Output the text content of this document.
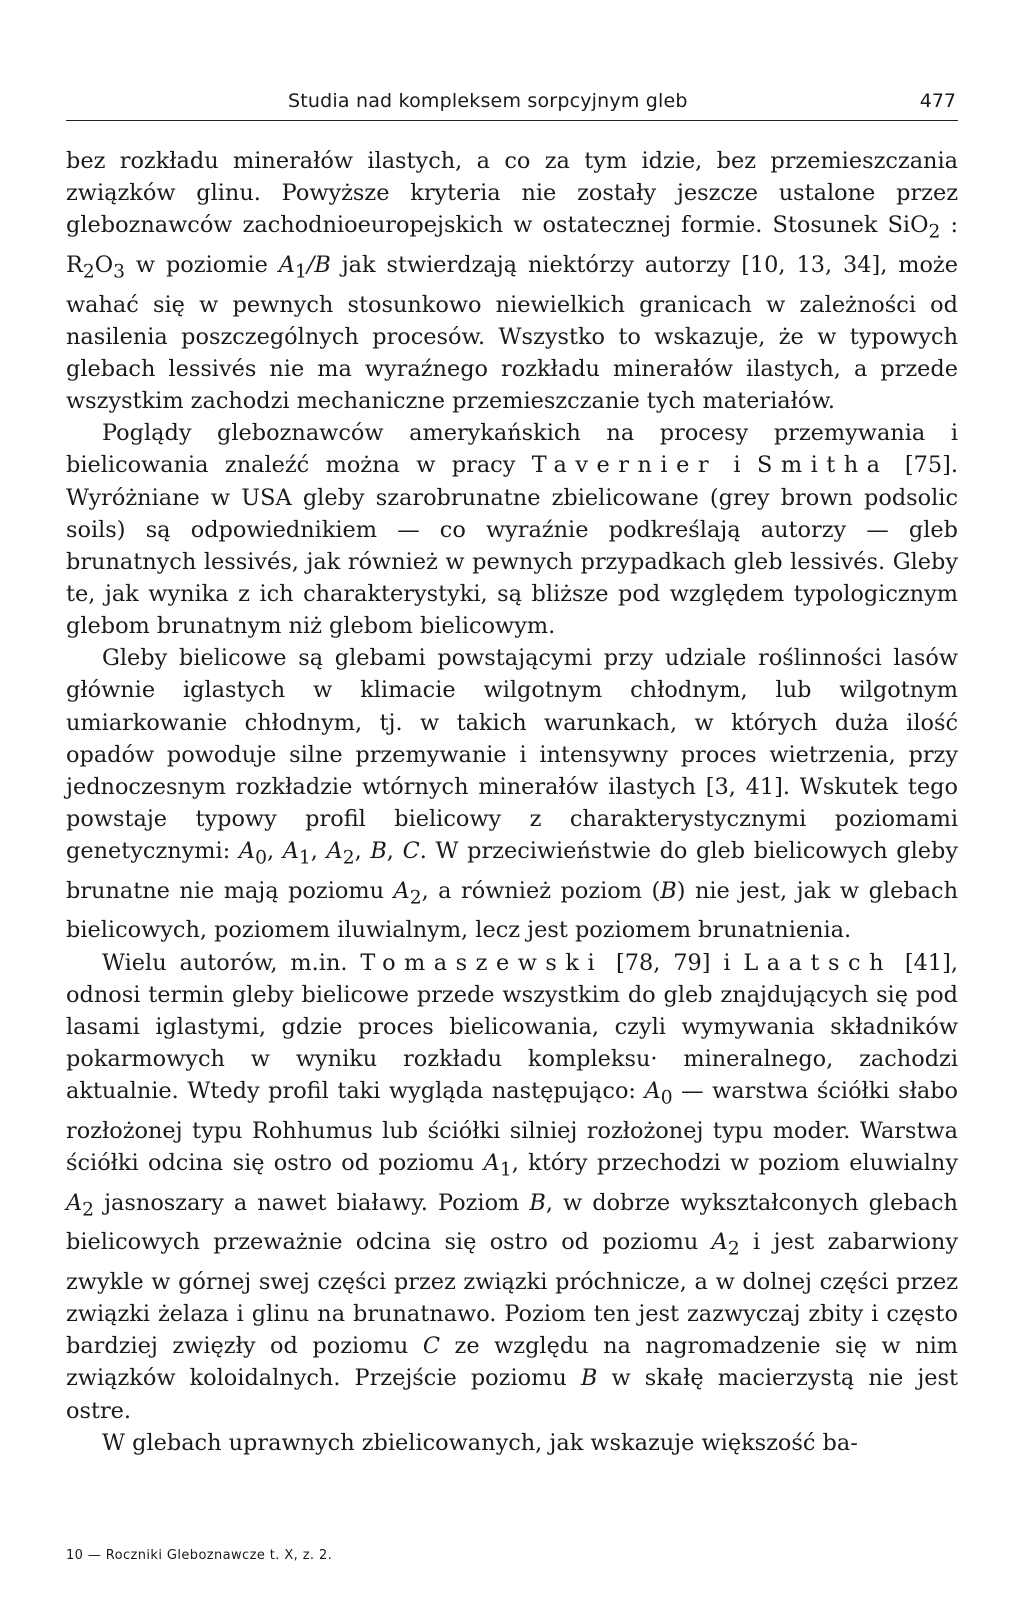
Studia nad kompleksem sorpcyjnym gleb	477

bez rozkładu minerałów ilastych, a co za tym idzie, bez przemieszczania związków glinu. Powyższe kryteria nie zostały jeszcze ustalone przez gleboznawców zachodnioeuropejskich w ostatecznej formie. Stosunek SiO$_2$ : $R_2O_3$ w poziomie $A_1/B$ jak stwierdzają niektórzy autorzy [10, 13, 34], może wahać się w pewnych stosunkowo niewielkich granicach w zależności od nasilenia poszczególnych procesów. Wszystko to wskazuje, że w typowych glebach lessivés nie ma wyraźnego rozkładu minerałów ilastych, a przede wszystkim zachodzi mechaniczne przemieszczanie tych materiałów.

Poglądy gleboznawców amerykańskich na procesy przemywania i bielicowania znaleźć można w pracy Tavernier i Smitha [75]. Wyróżniane w USA gleby szarobrunatne zbielicowane (grey brown podsolic soils) są odpowiednikiem — co wyraźnie podkreślają autorzy — gleb brunatnych lessivés, jak również w pewnych przypadkach gleb lessivés. Gleby te, jak wynika z ich charakterystyki, są bliższe pod względem typologicznym glebom brunatnym niż glebom bielicowym.

Gleby bielicowe są glebami powstającymi przy udziale roślinności lasów głównie iglastych w klimacie wilgotnym chłodnym, lub wilgotnym umiarkowanie chłodnym, tj. w takich warunkach, w których duża ilość opadów powoduje silne przemywanie i intensywny proces wietrzenia, przy jednoczesnym rozkładzie wtórnych minerałów ilastych [3, 41]. Wskutek tego powstaje typowy profil bielicowy z charakterystycznymi poziomami genetycznymi: $A_0$, $A_1$, $A_2$, B, C. W przeciwieństwie do gleb bielicowych gleby brunatne nie mają poziomu $A_2$, a również poziom (B) nie jest, jak w glebach bielicowych, poziomem iluwialnym, lecz jest poziomem brunatnienia.

Wielu autorów, m.in. Tomaszewski [78, 79] i Laatsch [41], odnosi termin gleby bielicowe przede wszystkim do gleb znajdujących się pod lasami iglastymi, gdzie proces bielicowania, czyli wymywania składników pokarmowych w wyniku rozkładu kompleksu· mineralnego, zachodzi aktualnie. Wtedy profil taki wygląda następująco: $A_0$ — warstwa ściółki słabo rozłożonej typu Rohhumus lub ściółki silniej rozłożonej typu moder. Warstwa ściółki odcina się ostro od poziomu $A_1$, który przechodzi w poziom eluwialny $A_2$ jasnoszary a nawet białawy. Poziom B, w dobrze wykształconych glebach bielicowych przeważnie odcina się ostro od poziomu $A_2$ i jest zabarwiony zwykle w górnej swej części przez związki próchnicze, a w dolnej części przez związki żelaza i glinu na brunatnawo. Poziom ten jest zazwyczaj zbity i często bardziej zwięzły od poziomu C ze względu na nagromadzenie się w nim związków koloidalnych. Przejście poziomu B w skałę macierzystą nie jest ostre.

W glebach uprawnych zbielicowanych, jak wskazuje większość ba-

10 — Roczniki Gleboznawcze t. X, z. 2.
